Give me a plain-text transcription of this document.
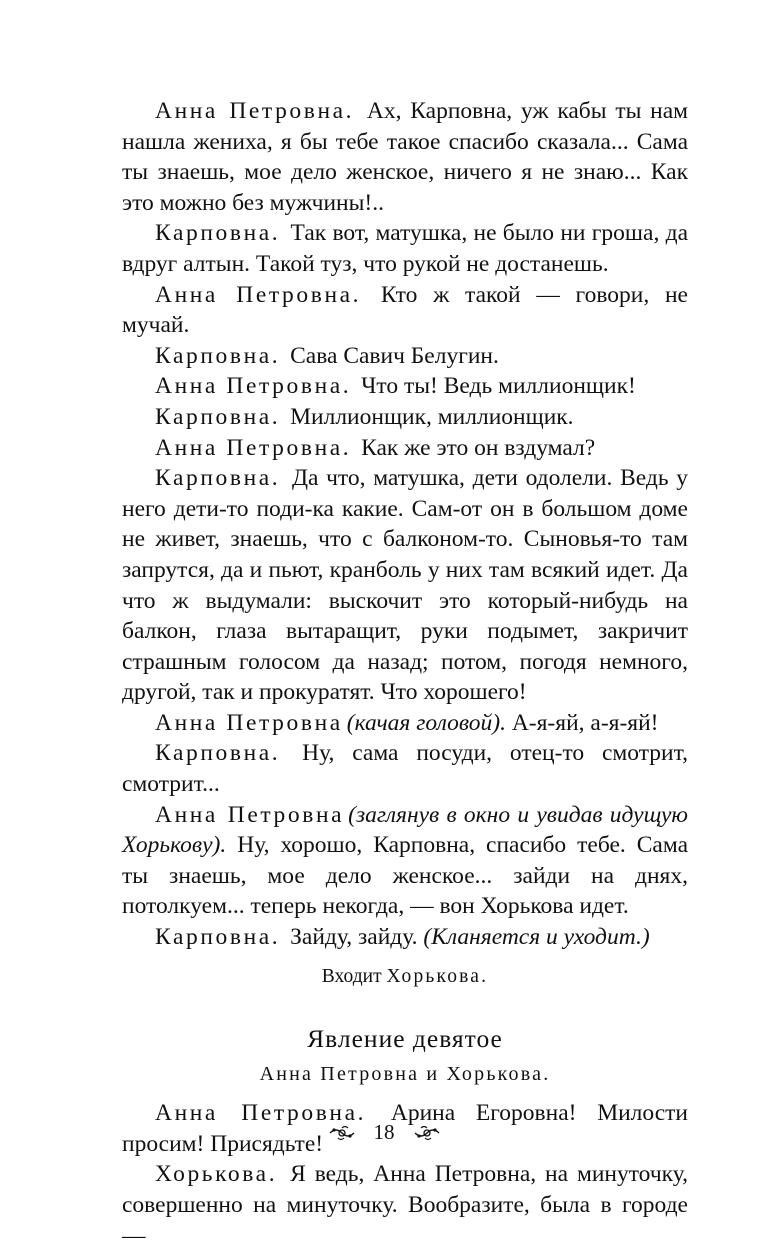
Анна Петровна. Ах, Карповна, уж кабы ты нам нашла жениха, я бы тебе такое спасибо сказала... Сама ты знаешь, мое дело женское, ничего я не знаю... Как это можно без мужчины!..

Карповна. Так вот, матушка, не было ни гроша, да вдруг алтын. Такой туз, что рукой не достанешь.

Анна Петровна. Кто ж такой — говори, не мучай.

Карповна. Сава Савич Белугин.

Анна Петровна. Что ты! Ведь миллионщик!

Карповна. Миллионщик, миллионщик.

Анна Петровна. Как же это он вздумал?

Карповна. Да что, матушка, дети одолели. Ведь у него дети-то поди-ка какие. Сам-от он в большом доме не живет, знаешь, что с балконом-то. Сыновья-то там запрутся, да и пьют, кранболь у них там всякий идет. Да что ж выдумали: выскочит это который-нибудь на балкон, глаза вытаращит, руки подымет, закричит страшным голосом да назад; потом, погодя немного, другой, так и прокуратят. Что хорошего!

Анна Петровна (качая головой). А-я-яй, а-я-яй!

Карповна. Ну, сама посуди, отец-то смотрит, смотрит...

Анна Петровна (заглянув в окно и увидав идущую Хорькову). Ну, хорошо, Карповна, спасибо тебе. Сама ты знаешь, мое дело женское... зайди на днях, потолкуем... теперь некогда, — вон Хорькова идет.

Карповна. Зайду, зайду. (Кланяется и уходит.)

Входит Хорькова.

Явление девятое
Анна Петровна и Хорькова.

Анна Петровна. Арина Егоровна! Милости просим! Присядьте!

Хорькова. Я ведь, Анна Петровна, на минуточку, совершенно на минуточку. Вообразите, была в городе —

18
